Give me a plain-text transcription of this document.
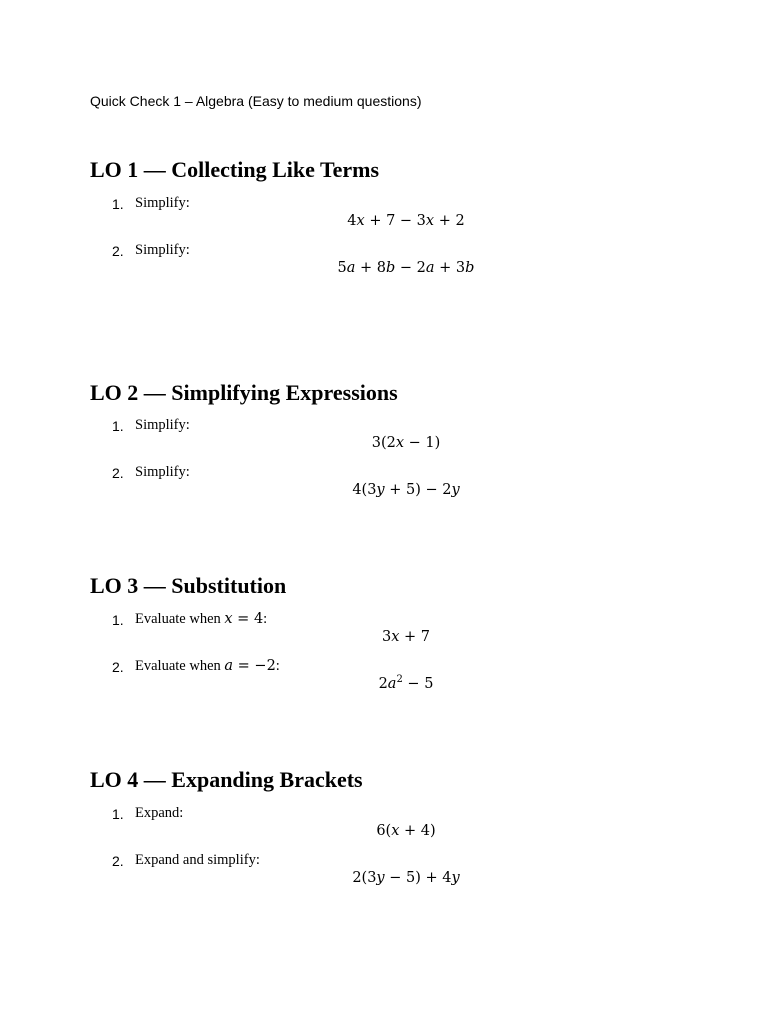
Quick Check 1 – Algebra (Easy to medium questions)
LO 1 — Collecting Like Terms
1. Simplify:
4x + 7 − 3x + 2
2. Simplify:
5a + 8b − 2a + 3b
LO 2 — Simplifying Expressions
1. Simplify:
3(2x − 1)
2. Simplify:
4(3y + 5) − 2y
LO 3 — Substitution
1. Evaluate when x = 4:
3x + 7
2. Evaluate when a = −2:
$2a^2 - 5$
LO 4 — Expanding Brackets
1. Expand:
6(x + 4)
2. Expand and simplify:
2(3y − 5) + 4y
